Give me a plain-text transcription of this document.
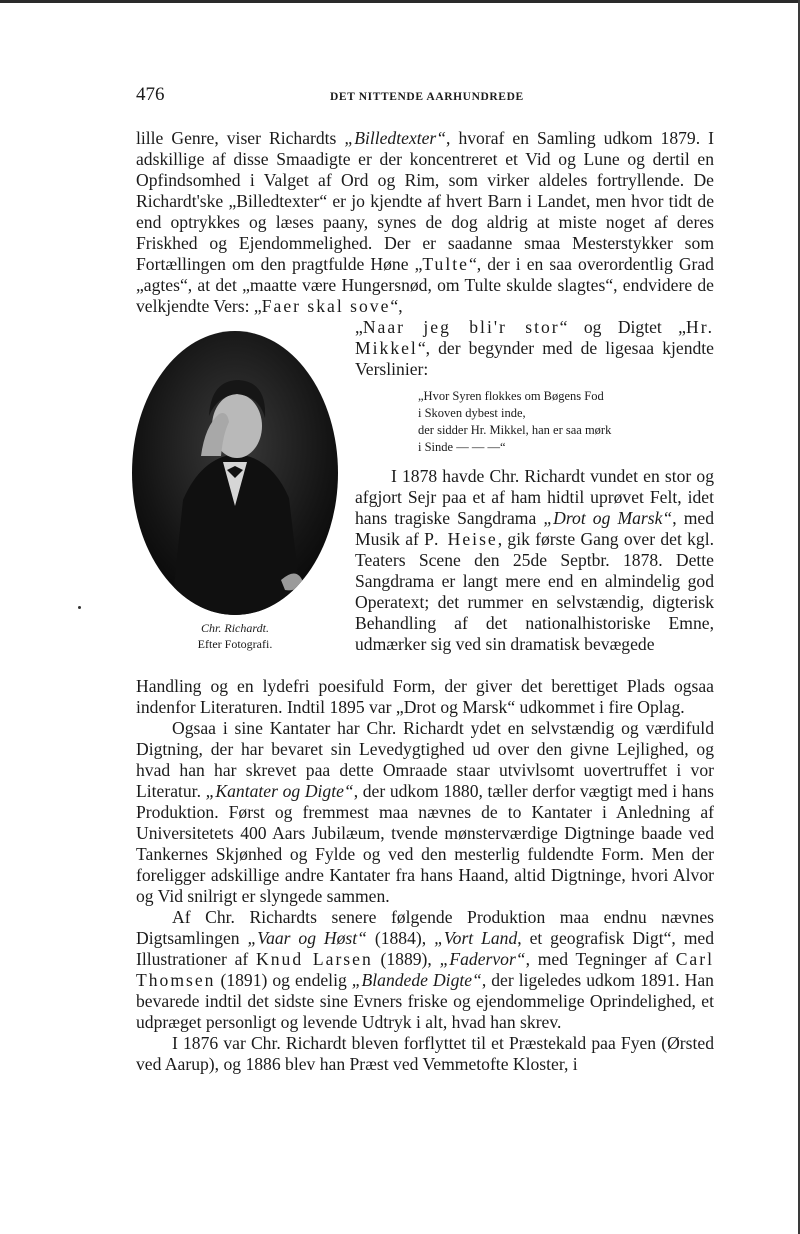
476	DET NITTENDE AARHUNDREDE

lille Genre, viser Richardts „Billedtexter“, hvoraf en Samling udkom 1879. I adskillige af disse Smaadigte er der koncentreret et Vid og Lune og dertil en Opfindsomhed i Valget af Ord og Rim, som virker aldeles fortryllende. De Richardt'ske „Billedtexter“ er jo kjendte af hvert Barn i Landet, men hvor tidt de end optrykkes og læses paany, synes de dog aldrig at miste noget af deres Friskhed og Ejendommelighed. Der er saadanne smaa Mesterstykker som Fortællingen om den pragtfulde Høne „Tulte“, der i en saa overordentlig Grad „agtes“, at det „maatte være Hungersnød, om Tulte skulde slagtes“, endvidere de velkjendte Vers: „Faer skal sove“,

Chr. Richardt.
Efter Fotografi.

„Naar jeg bli'r stor“ og Digtet „Hr. Mikkel“, der begynder med de ligesaa kjendte Verslinier:

„Hvor Syren flokkes om Bøgens Fod
i Skoven dybest inde,
der sidder Hr. Mikkel, han er saa mørk
i Sinde — — —“

I 1878 havde Chr. Richardt vundet en stor og afgjort Sejr paa et af ham hidtil uprøvet Felt, idet hans tragiske Sangdrama „Drot og Marsk“, med Musik af P. Heise, gik første Gang over det kgl. Teaters Scene den 25de Septbr. 1878. Dette Sangdrama er langt mere end en almindelig god Operatext; det rummer en selvstændig, digterisk Behandling af det nationalhistoriske Emne, udmærker sig ved sin dramatisk bevægede

Handling og en lydefri poesifuld Form, der giver det berettiget Plads ogsaa indenfor Literaturen. Indtil 1895 var „Drot og Marsk“ udkommet i fire Oplag.

Ogsaa i sine Kantater har Chr. Richardt ydet en selvstændig og værdifuld Digtning, der har bevaret sin Levedygtighed ud over den givne Lejlighed, og hvad han har skrevet paa dette Omraade staar utvivlsomt uovertruffet i vor Literatur. „Kantater og Digte“, der udkom 1880, tæller derfor vægtigt med i hans Produktion. Først og fremmest maa nævnes de to Kantater i Anledning af Universitetets 400 Aars Jubilæum, tvende mønsterværdige Digtninge baade ved Tankernes Skjønhed og Fylde og ved den mesterlig fuldendte Form. Men der foreligger adskillige andre Kantater fra hans Haand, altid Digtninge, hvori Alvor og Vid snilrigt er slyngede sammen.

Af Chr. Richardts senere følgende Produktion maa endnu nævnes Digtsamlingen „Vaar og Høst“ (1884), „Vort Land, et geografisk Digt“, med Illustrationer af Knud Larsen (1889), „Fadervor“, med Tegninger af Carl Thomsen (1891) og endelig „Blandede Digte“, der ligeledes udkom 1891. Han bevarede indtil det sidste sine Evners friske og ejendommelige Oprindelighed, et udpræget personligt og levende Udtryk i alt, hvad han skrev.

I 1876 var Chr. Richardt bleven forflyttet til et Præstekald paa Fyen (Ørsted ved Aarup), og 1886 blev han Præst ved Vemmetofte Kloster, i
